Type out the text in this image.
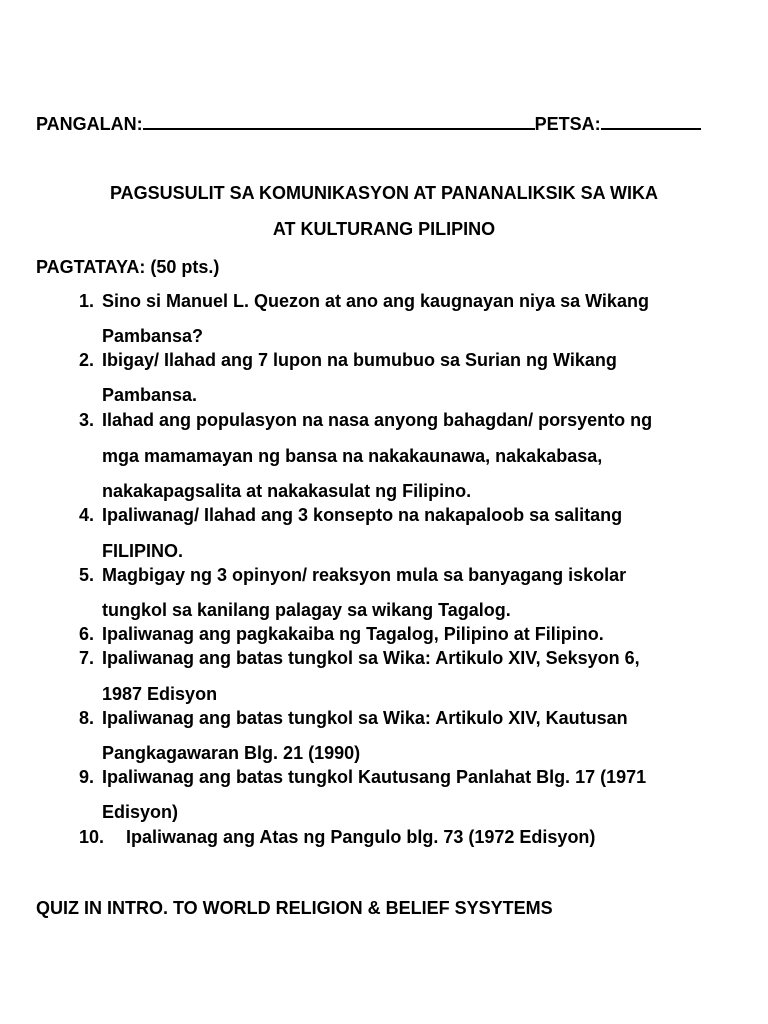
PANGALAN:	PETSA:
PAGSUSULIT SA KOMUNIKASYON AT PANANALIKSIK SA WIKA
AT KULTURANG PILIPINO
PAGTATAYA: (50 pts.)
1. Sino si Manuel L. Quezon at ano ang kaugnayan niya sa Wikang
Pambansa?
2. Ibigay/ Ilahad ang 7 lupon na bumubuo sa Surian ng Wikang
Pambansa.
3. Ilahad ang populasyon na nasa anyong bahagdan/ porsyento ng
mga mamamayan ng bansa na nakakaunawa, nakakabasa,
nakakapagsalita at nakakasulat ng Filipino.
4. Ipaliwanag/ Ilahad ang 3 konsepto na nakapaloob sa salitang
FILIPINO.
5. Magbigay ng 3 opinyon/ reaksyon mula sa banyagang iskolar
tungkol sa kanilang palagay sa wikang Tagalog.
6. Ipaliwanag ang pagkakaiba ng Tagalog, Pilipino at Filipino.
7. Ipaliwanag ang batas tungkol sa Wika: Artikulo XIV, Seksyon 6,
1987 Edisyon
8. Ipaliwanag ang batas tungkol sa Wika: Artikulo XIV, Kautusan
Pangkagawaran Blg. 21 (1990)
9. Ipaliwanag ang batas tungkol Kautusang Panlahat Blg. 17 (1971
Edisyon)
10. Ipaliwanag ang Atas ng Pangulo blg. 73 (1972 Edisyon)
QUIZ IN INTRO. TO WORLD RELIGION & BELIEF SYSYTEMS
